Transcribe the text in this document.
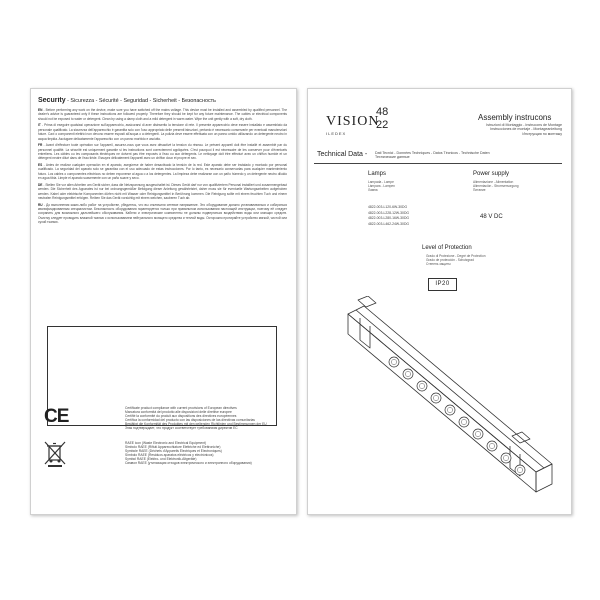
Security - Sicurezza - Sécurité - Seguridad - Sicherheit - Безопасность

EN - Before performing any work on the device, make sure you have switched off the mains voltage. This device must be installed and assembled by qualified personnel. The dealer's advice is guaranteed only if these instructions are followed properly. Therefore they should be kept for any future maintenance. The cables or electrical components should not be exposed to water or detergent. Clean by using a damp cloth and a mild detergent in warm water. Wipe the unit gently with a soft, dry cloth.

IT - Prima di eseguire qualsiasi operazione sull'apparecchio, assicurarsi di aver disinserito la tensione di rete. Il presente apparecchio deve essere installato e assemblato da personale qualificato. La sicurezza dell'apparecchio è garantita solo con l'uso appropriato delle presenti istruzioni, pertanto è necessario conservarle per eventuali manutenzioni future. Cavi o componenti elettrici non devono essere esposti all'acqua o a detergenti. La pulizia deve essere effettuata con un panno umido utilizzando un detergente neutro in acqua tiepida. Asciugare delicatamente l'apparecchio con un panno morbido e asciutto.

FR - Avant d'effectuer toute opération sur l'appareil, assurez-vous que vous avez désactivé la tension du réseau. Le présent appareil doit être installé et assemblé par du personnel qualifié. La sécurité est uniquement garantie si les instructions sont correctement appliquées. C'est pourquoi il est nécessaire de les conserver pour d'éventuels entretiens. Les câbles ou les composants électriques ne doivent pas être exposés à l'eau ou aux détergents. Le nettoyage doit être effectué avec un chiffon humide et un détergent neutre dilué dans de l'eau tiède. Essuyez délicatement l'appareil avec un chiffon doux et propre et sec.

ES - Antes de realizar cualquier operación en el aparato, asegúrese de haber desactivado la tensión de la red. Este aparato debe ser instalado y montado por personal cualificado. La seguridad del aparato solo se garantiza con el uso adecuado de estas instrucciones. Por lo tanto, es necesario conservarlas para cualquier mantenimiento futuro. Los cables o componentes eléctricos no deben exponerse al agua o a los detergentes. La limpieza debe realizarse con un paño húmedo y un detergente neutro diluido en agua tibia. Limpie el aparato suavemente con un paño suave y seco.

DE - Stellen Sie vor allen Arbeiten am Gerät sicher, dass die Netzspannung ausgeschaltet ist. Dieses Gerät darf nur von qualifiziertem Personal installiert und zusammengebaut werden. Die Sicherheit des Apparates ist nur bei ordnungsgemäßer Befolgung dieser Anleitung gewährleistet, daher muss sie für eventuelle Wartungsarbeiten aufgehoben werden. Kabel oder elektrische Komponenten dürfen nicht mit Wasser oder Reinigungsmittel in Berührung kommen. Die Reinigung sollte mit einem feuchten Tuch und einem neutralen Reinigungsmittel erfolgen. Reiben Sie das Gerät vorsichtig mit einem weichen, sauberen Tuch ab.

RU - До выполнения каких-либо работ на устройстве, убедитесь, что вы отключили сетевое напряжение. Это оборудование должно устанавливаться и собираться квалифицированным специалистом. Безопасность оборудования гарантируется только при правильном использовании настоящей инструкции, поэтому её следует сохранить для возможного дальнейшего обслуживания. Кабели и электрические компоненты не должны подвергаться воздействию воды или моющих средств. Очистку следует проводить влажной тканью с использованием нейтрального моющего средства и теплой воды. Осторожно протирайте устройство мягкой, чистой или сухой тканью.

CE	Certificate product compliance with current provisions of European directives
Marcatura conformità del prodotto alle disposizioni delle direttive europee
Certifié la conformité du produit aux dispositions des directives européennes
Certifica la conformidad del producto con las disposiciones de las directivas comunitarias
Bestätigt die Konformität des Produktes mit den geltenden Richtlinien und Bestimmungen der EU
Знак подтверждает, что продукт соответствует требованиям директив ЕС
RAEE icon (Waste Electronic and Electrical Equipment)
Simbolo RAEE (Rifiuti Apparecchiature Elettriche ed Elettroniche)
Symbole RAEE (Déchets d'Appareils Électriques et Électroniques)
Símbolo RAEE (Residuos aparatos eléctricos y electrónicos)
Symbol RAEE (Elektro- und Elektronik-Altgeräte)
Символ RAEE (утилизация отходов электрического и электронного оборудования)
VISION
48
22
ILEDEX
Assembly instrucons
Istruzioni di Montaggio - Instrucons de Montage
Instrucciones de montaje - Montageanleitung
Инструкция по монтажу
Technical Data - Dati Tecnici - Données Techniques - Datos Técnicos - Technische Daten
Технические данные
Lamps
Lampada - Lampe
Lámpara - Lampen
Лампа
4822-003-L120-6W-30DG
4822-003-L228-12W-30DG
4822-003-L280-16W-30DG
4822-003-L462-24W-30DG
Power supply
Alimentazione - Alimentation
Alimentación - Stromversorgung
Питание
48 V DC
Level of Protection
Grado di Protezione - Degré de Protection
Grado de protección - Schutzgrad
Степень защиты
IP20
